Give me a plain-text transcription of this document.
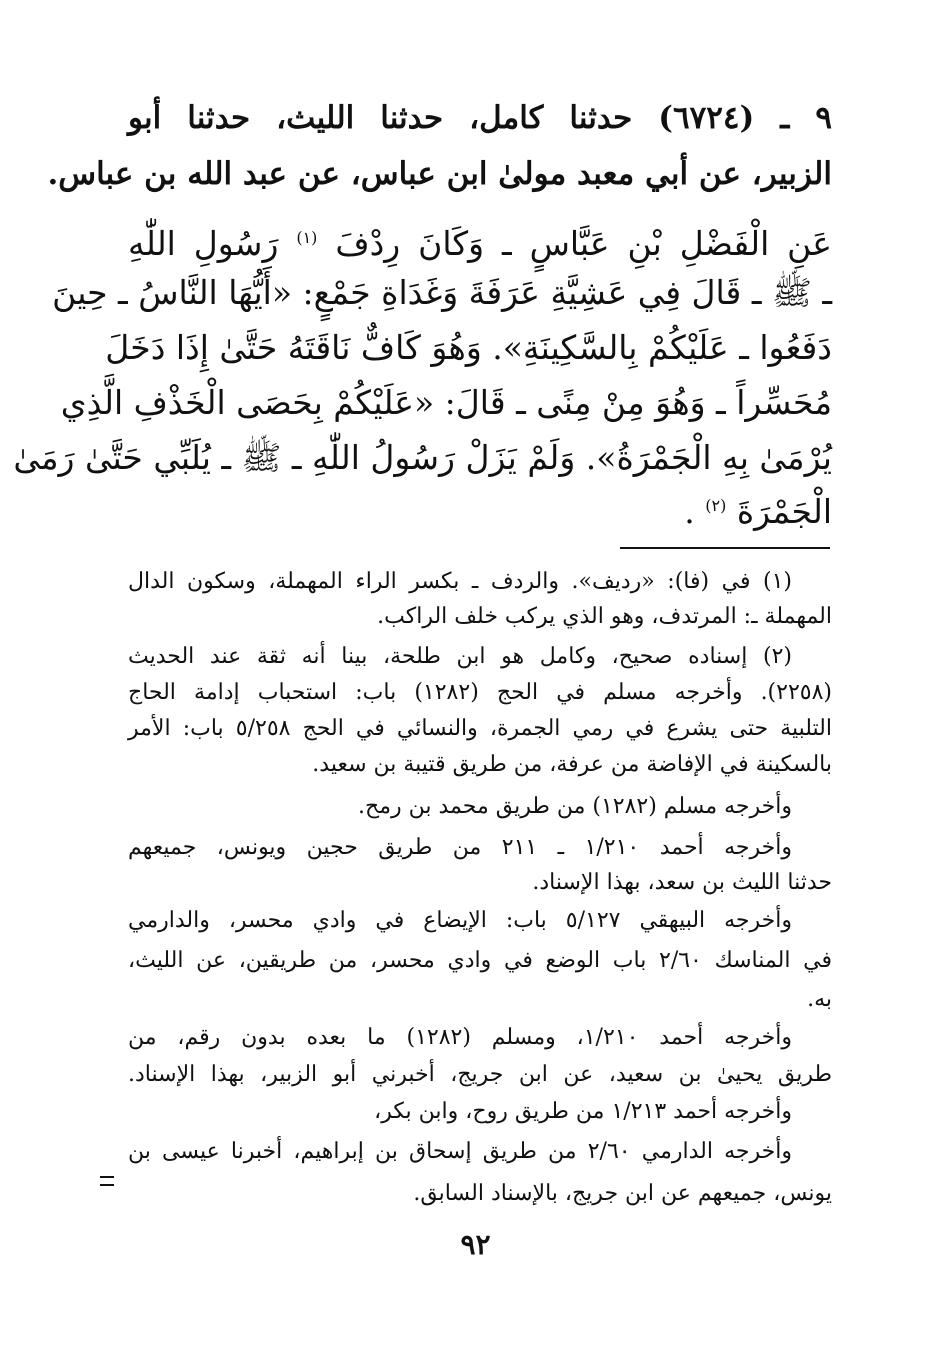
٩ ـ (٦٧٢٤) حدثنا كامل، حدثنا الليث، حدثنا أبو
الزبير، عن أبي معبد مولىٰ ابن عباس، عن عبد الله بن عباس.
عَنِ الْفَضْلِ بْنِ عَبَّاسٍ ـ وَكَانَ رِدْفَ $^{(١)}$ رَسُولِ اللّٰهِ
ـ ﷺ ـ قَالَ فِي عَشِيَّةِ عَرَفَةَ وَغَدَاةِ جَمْعٍ: «أَيُّهَا النَّاسُ ـ حِينَ
دَفَعُوا ـ عَلَيْكُمْ بِالسَّكِينَةِ». وَهُوَ كَافٌّ نَاقَتَهُ حَتَّىٰ إِذَا دَخَلَ
مُحَسِّراً ـ وَهُوَ مِنْ مِنًى ـ قَالَ: «عَلَيْكُمْ بِحَصَى الْخَذْفِ الَّذِي
يُرْمَىٰ بِهِ الْجَمْرَةُ». وَلَمْ يَزَلْ رَسُولُ اللّٰهِ ـ ﷺ ـ يُلَبِّي حَتَّىٰ رَمَىٰ
الْجَمْرَةَ $^{(٢)}$ .
(١) في (فا): «رديف». والردف ـ بكسر الراء المهملة، وسكون الدال
المهملة ـ: المرتدف، وهو الذي يركب خلف الراكب.
(٢) إسناده صحيح، وكامل هو ابن طلحة، بينا أنه ثقة عند الحديث
(٢٢٥٨). وأخرجه مسلم في الحج (١٢٨٢) باب: استحباب إدامة الحاج
التلبية حتى يشرع في رمي الجمرة، والنسائي في الحج ٥/٢٥٨ باب: الأمر
بالسكينة في الإفاضة من عرفة، من طريق قتيبة بن سعيد.
وأخرجه مسلم (١٢٨٢) من طريق محمد بن رمح.
وأخرجه أحمد ١/٢١٠ ـ ٢١١ من طريق حجين ويونس، جميعهم
حدثنا الليث بن سعد، بهذا الإسناد.
وأخرجه البيهقي ٥/١٢٧ باب: الإيضاع في وادي محسر، والدارمي
في المناسك ٢/٦٠ باب الوضع في وادي محسر، من طريقين، عن الليث،
به.
وأخرجه أحمد ١/٢١٠، ومسلم (١٢٨٢) ما بعده بدون رقم، من
طريق يحيىٰ بن سعيد، عن ابن جريج، أخبرني أبو الزبير، بهذا الإسناد.
وأخرجه أحمد ١/٢١٣ من طريق روح، وابن بكر،
وأخرجه الدارمي ٢/٦٠ من طريق إسحاق بن إبراهيم، أخبرنا عيسى بن
يونس، جميعهم عن ابن جريج، بالإسناد السابق.
٩٢
